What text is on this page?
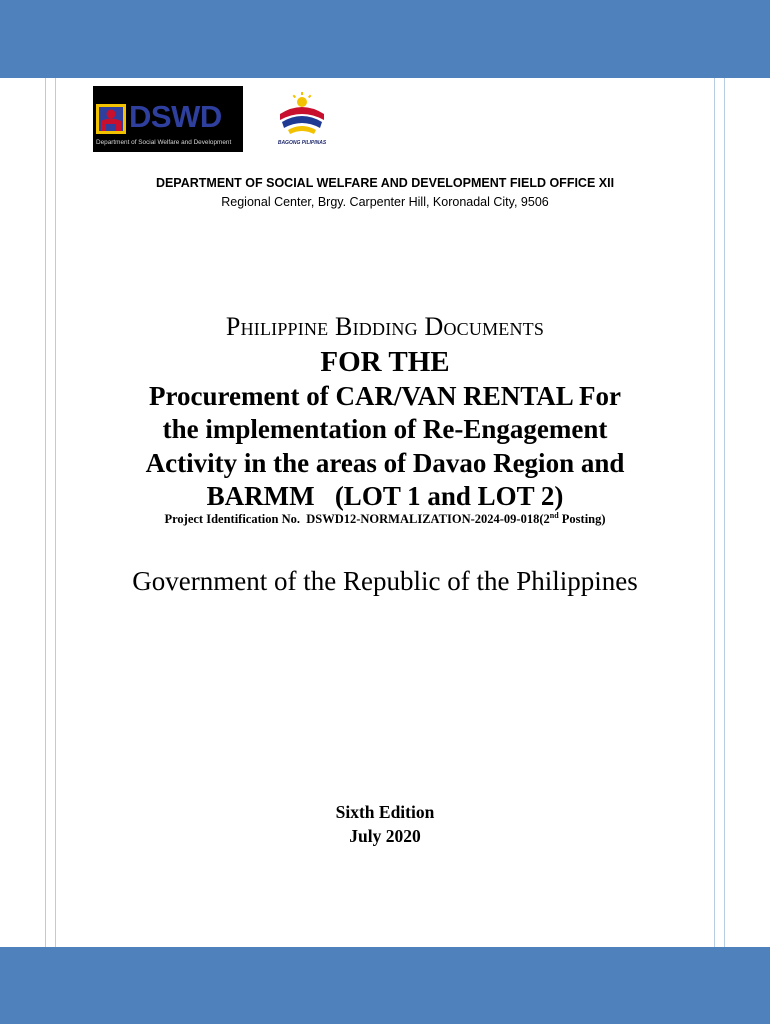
DSWD
Department of Social Welfare and Development	BAGONG PILIPINAS
DEPARTMENT OF SOCIAL WELFARE AND DEVELOPMENT FIELD OFFICE XII
Regional Center, Brgy. Carpenter Hill, Koronadal City, 9506
Philippine Bidding Documents
FOR THE
Procurement of CAR/VAN RENTAL For
the implementation of Re-Engagement
Activity in the areas of Davao Region and
BARMM   (LOT 1 and LOT 2)
Project Identification No. DSWD12-NORMALIZATION-2024-09-018(2nd Posting)
Government of the Republic of the Philippines
Sixth Edition
July 2020
